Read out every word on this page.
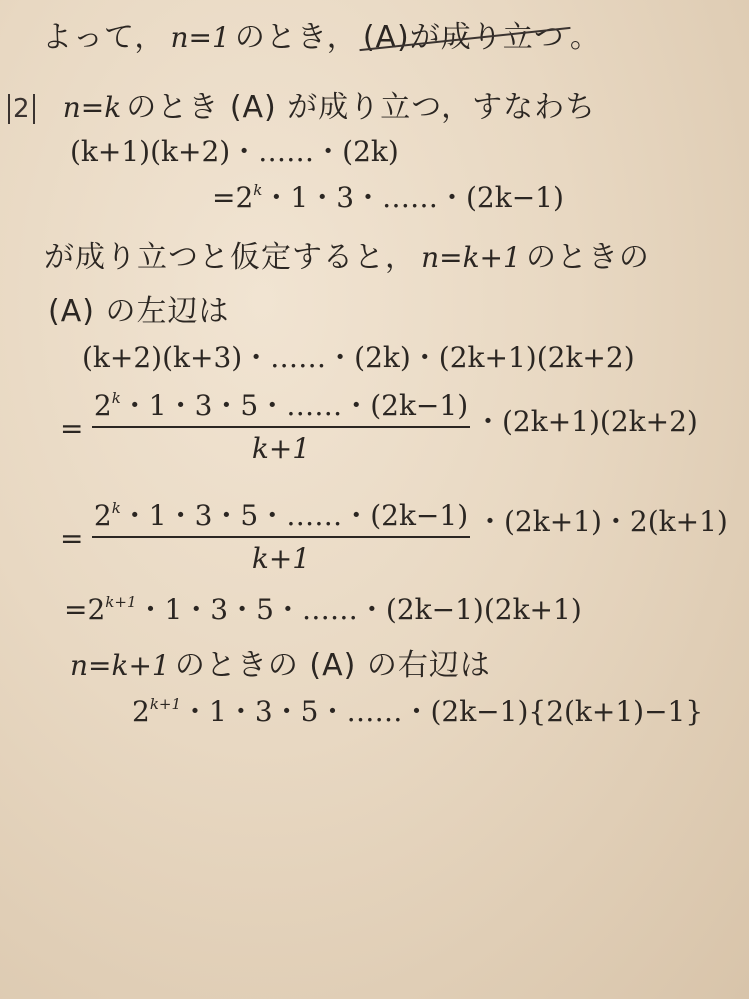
よって， n=1 のとき， (A)が成り立つ 。
2 n=k のとき (A) が成り立つ，すなわち
(k+1)(k+2)・……・(2k)
$=2^k$・1・3・……・(2k−1)
が成り立つと仮定すると， n=k+1 のときの
(A) の左辺は
(k+2)(k+3)・……・(2k)・(2k+1)(2k+2)
=
$2^k$・1・3・5・……・(2k−1)
k+1
・(2k+1)(2k+2)
=
$2^k$・1・3・5・……・(2k−1)
k+1
・(2k+1)・2(k+1)
$=2^{k+1}$・1・3・5・……・(2k−1)(2k+1)
n=k+1 のときの (A) の右辺は
$2^{k+1}$・1・3・5・……・(2k−1){2(k+1)−1}
